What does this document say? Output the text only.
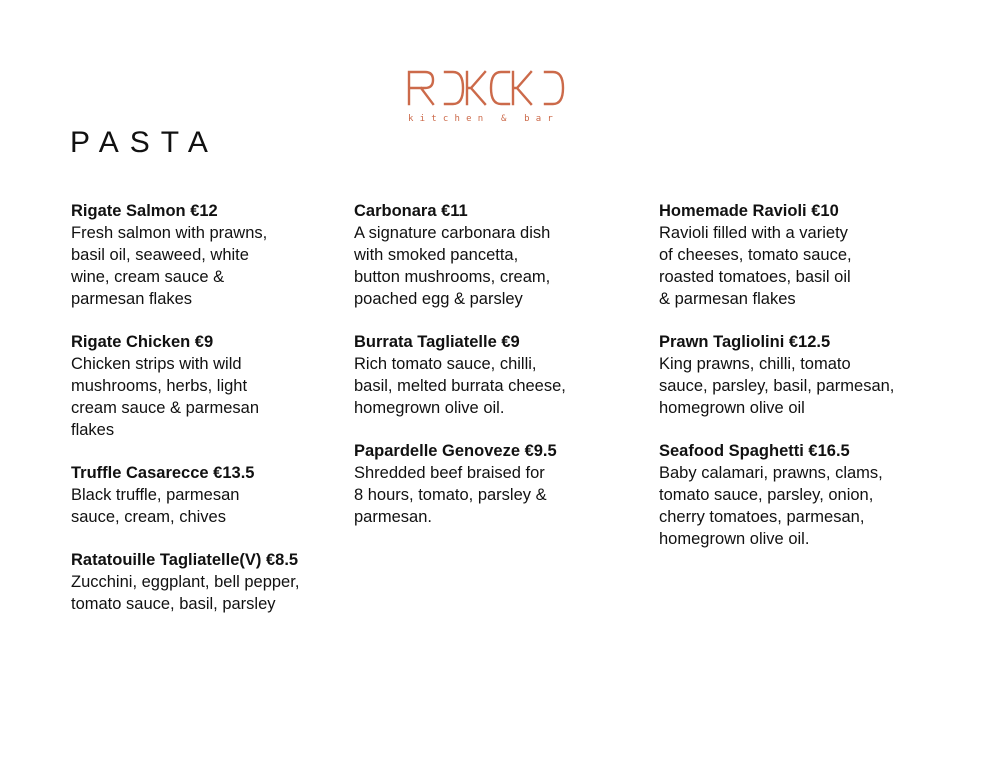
kitchen & bar
PASTA
Rigate Salmon €12
Fresh salmon with prawns,
basil oil, seaweed, white
wine, cream sauce &
parmesan flakes
Rigate Chicken €9
Chicken strips with wild
mushrooms, herbs, light
cream sauce & parmesan
flakes
Truffle Casarecce €13.5
Black truffle, parmesan
sauce, cream, chives
Ratatouille Tagliatelle(V) €8.5
Zucchini, eggplant, bell pepper,
tomato sauce, basil, parsley
Carbonara €11
A signature carbonara dish
with smoked pancetta,
button mushrooms, cream,
poached egg & parsley
Burrata Tagliatelle €9
Rich tomato sauce, chilli,
basil, melted burrata cheese,
homegrown olive oil.
Papardelle Genoveze €9.5
Shredded beef braised for
8 hours, tomato, parsley &
parmesan.
Homemade Ravioli €10
Ravioli filled with a variety
of cheeses, tomato sauce,
roasted tomatoes, basil oil
& parmesan flakes
Prawn Tagliolini €12.5
King prawns, chilli, tomato
sauce, parsley, basil, parmesan,
homegrown olive oil
Seafood Spaghetti €16.5
Baby calamari, prawns, clams,
tomato sauce, parsley, onion,
cherry tomatoes, parmesan,
homegrown olive oil.
